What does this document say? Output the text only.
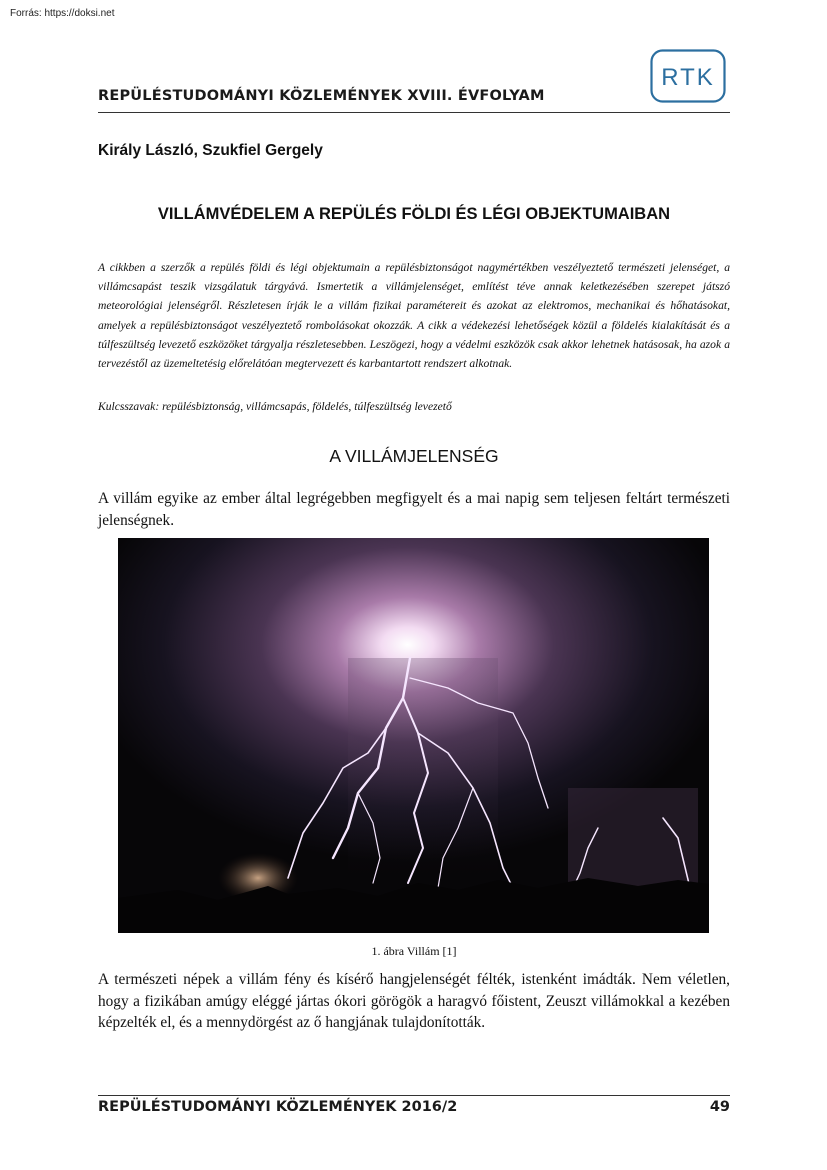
Forrás: https://doksi.net
REPÜLÉSTUDOMÁNYI KÖZLEMÉNYEK XVIII. ÉVFOLYAM
RTK
Király László, Szukfiel Gergely
VILLÁMVÉDELEM A REPÜLÉS FÖLDI ÉS LÉGI OBJEKTUMAIBAN

A cikkben a szerzők a repülés földi és légi objektumain a repülésbiztonságot nagymértékben veszélyeztető természeti jelenséget, a villámcsapást teszik vizsgálatuk tárgyává. Ismertetik a villámjelenséget, említést téve annak keletkezésében szerepet játszó meteorológiai jelenségről. Részletesen írják le a villám fizikai paramétereit és azokat az elektromos, mechanikai és hőhatásokat, amelyek a repülésbiztonságot veszélyeztető rombolásokat okozzák. A cikk a védekezési lehetőségek közül a földelés kialakítását és a túlfeszültség levezető eszközöket tárgyalja részletesebben. Leszögezi, hogy a védelmi eszközök csak akkor lehetnek hatásosak, ha azok a tervezéstől az üzemeltetésig előrelátóan megtervezett és karbantartott rendszert alkotnak.

Kulcsszavak: repülésbiztonság, villámcsapás, földelés, túlfeszültség levezető

A VILLÁMJELENSÉG

A villám egyike az ember által legrégebben megfigyelt és a mai napig sem teljesen feltárt természeti jelenségnek.

1. ábra Villám [1]

A természeti népek a villám fény és kísérő hangjelenségét félték, istenként imádták. Nem véletlen, hogy a fizikában amúgy eléggé jártas ókori görögök a haragvó főistent, Zeuszt villámokkal a kezében képzelték el, és a mennydörgést az ő hangjának tulajdonították.

REPÜLÉSTUDOMÁNYI KÖZLEMÉNYEK 2016/2	49
